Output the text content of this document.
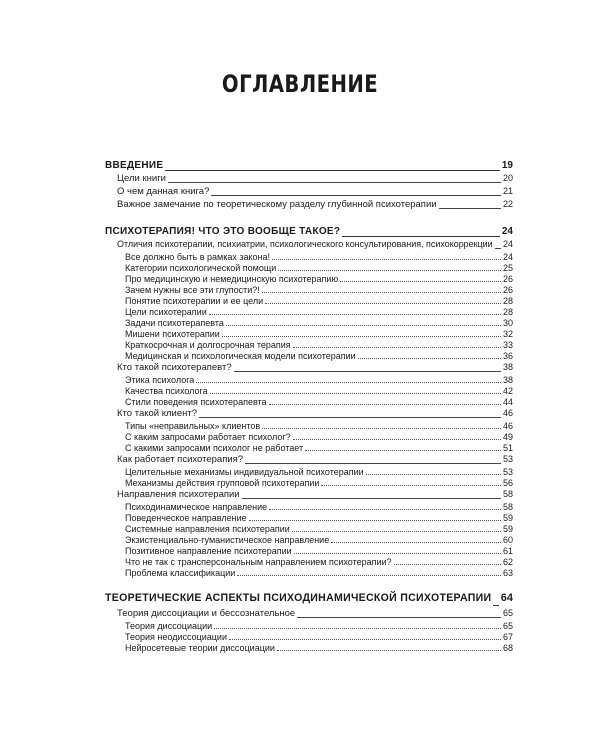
ОГЛАВЛЕНИЕ
ВВЕДЕНИЕ	19
Цели книги	20
О чем данная книга?	21
Важное замечание по теоретическому разделу глубинной психотерапии	22
ПСИХОТЕРАПИЯ! ЧТО ЭТО ВООБЩЕ ТАКОЕ?	24
Отличия психотерапии, психиатрии, психологического консультирования, психокоррекции 24
Все должно быть в рамках закона!	24
Категории психологической помощи	25
Про медицинскую и немедицинскую психотерапию	26
Зачем нужны все эти глупости?!	26
Понятие психотерапии и ее цели	28
Цели психотерапии	28
Задачи психотерапевта	30
Мишени психотерапии	32
Краткосрочная и долгосрочная терапия	33
Медицинская и психологическая модели психотерапии	36
Кто такой психотерапевт?	38
Этика психолога	38
Качества психолога	42
Стили поведения психотерапевта	44
Кто такой клиент?	46
Типы «неправильных» клиентов	46
С каким запросами работает психолог?	49
С какими запросами психолог не работает	51
Как работает психотерапия?	53
Целительные механизмы индивидуальной психотерапии	53
Механизмы действия групповой психотерапии	56
Направления психотерапии	58
Психодинамическое направление	58
Поведенческое направление	59
Системные направления психотерапии	59
Экзистенциально-гуманистическое направление	60
Позитивное направление психотерапии	61
Что не так с трансперсональным направлением психотерапии?	62
Проблема классификации	63
ТЕОРЕТИЧЕСКИЕ АСПЕКТЫ ПСИХОДИНАМИЧЕСКОЙ ПСИХОТЕРАПИИ 64
Теория диссоциации и бессознательное	65
Теория диссоциации	65
Теория неодиссоциации	67
Нейросетевые теории диссоциации	68
